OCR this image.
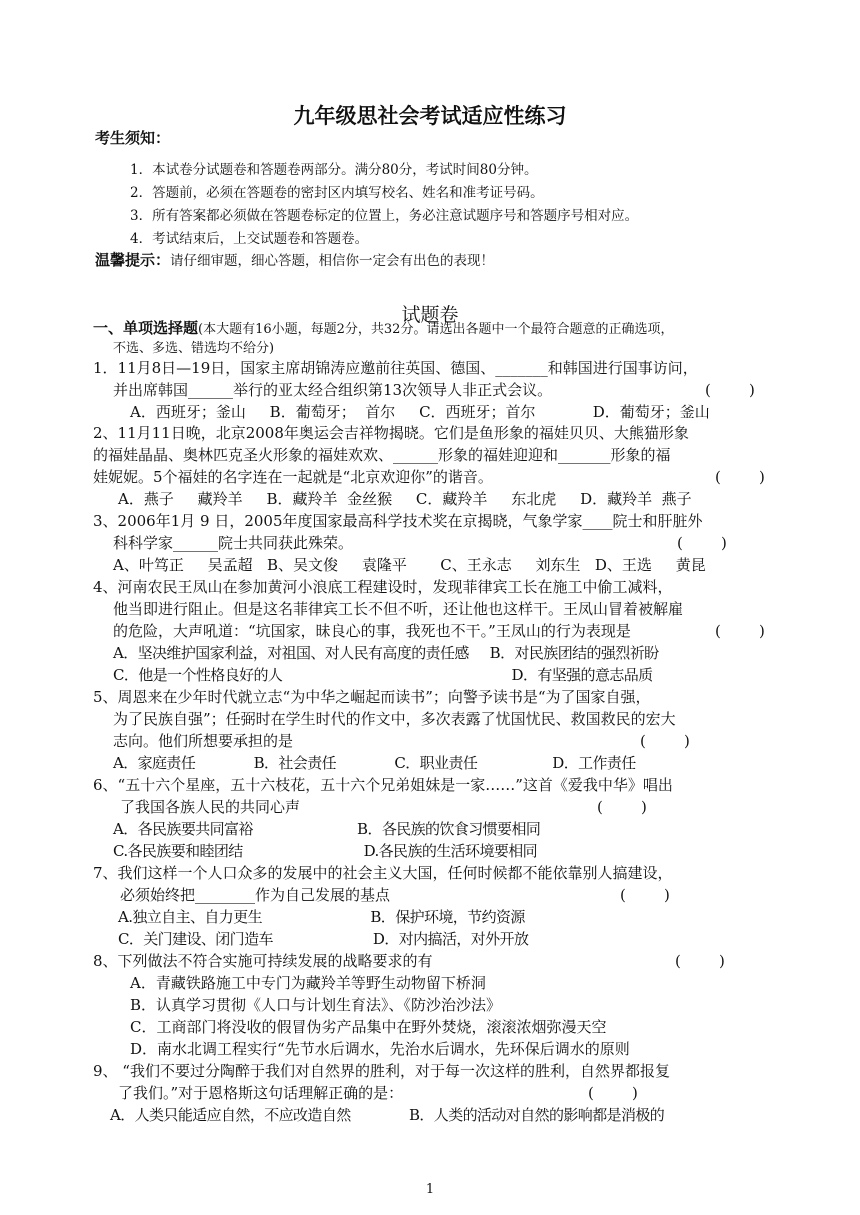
九年级思社会考试适应性练习
考生须知：
1．本试卷分试题卷和答题卷两部分。满分80分，考试时间80分钟。
2．答题前，必须在答题卷的密封区内填写校名、姓名和准考证号码。
3．所有答案都必须做在答题卷标定的位置上，务必注意试题序号和答题序号相对应。
4．考试结束后，上交试题卷和答题卷。
温馨提示：请仔细审题，细心答题，相信你一定会有出色的表现！
试题卷
一、单项选择题(本大题有16小题，每题2分，共32分。请选出各题中一个最符合题意的正确选项，
不选、多选、错选均不给分)
1．11月8日—19日，国家主席胡锦涛应邀前往英国、德国、_______和韩国进行国事访问，
并出席韩国______举行的亚太经合组织第13次领导人非正式会议。	(        )
A．西班牙；釜山     B．葡萄牙；  首尔     C．西班牙；首尔            D．葡萄牙；釜山
2、11月11日晚，北京2008年奥运会吉祥物揭晓。它们是鱼形象的福娃贝贝、大熊猫形象
的福娃晶晶、奥林匹克圣火形象的福娃欢欢、______形象的福娃迎迎和_______形象的福
娃妮妮。5个福娃的名字连在一起就是“北京欢迎你”的谐音。	(        )
A．燕子     藏羚羊     B．藏羚羊  金丝猴     C．藏羚羊     东北虎     D．藏羚羊  燕子
3、2006年1月 9 日，2005年度国家最高科学技术奖在京揭晓，气象学家____院士和肝脏外
科科学家______院士共同获此殊荣。	(        )
A、叶笃正     吴孟超   B、吴文俊     袁隆平       C、王永志     刘东生   D、王选     黄昆
4、河南农民王凤山在参加黄河小浪底工程建设时，发现菲律宾工长在施工中偷工减料，
他当即进行阻止。但是这名菲律宾工长不但不听，还让他也这样干。王凤山冒着被解雇
的危险，大声吼道：“坑国家，昧良心的事，我死也不干。”王凤山的行为表现是	(        )
A．坚决维护国家利益，对祖国、对人民有高度的责任感     B．对民族团结的强烈祈盼
C．他是一个性格良好的人                                                       D．有坚强的意志品质
5、周恩来在少年时代就立志“为中华之崛起而读书”；向警予读书是“为了国家自强，
为了民族自强”；任弼时在学生时代的作文中，多次表露了忧国忧民、救国救民的宏大
志向。他们所想要承担的是	(        )
A．家庭责任              B．社会责任              C．职业责任                  D．工作责任
6、“五十六个星座，五十六枝花，五十六个兄弟姐妹是一家……”这首《爱我中华》唱出
了我国各族人民的共同心声	(        )
A．各民族要共同富裕                         B．各民族的饮食习惯要相同
C.各民族要和睦团结                             D.各民族的生活环境要相同
7、我们这样一个人口众多的发展中的社会主义大国，任何时候都不能依靠别人搞建设，
必须始终把________作为自己发展的基点	(        )
A.独立自主、自力更生                          B．保护环境，节约资源
C．关门建设、闭门造车                        D．对内搞活，对外开放
8、下列做法不符合实施可持续发展的战略要求的有	(        )
A．青藏铁路施工中专门为藏羚羊等野生动物留下桥洞
B．认真学习贯彻《人口与计划生育法》、《防沙治沙法》
C．工商部门将没收的假冒伪劣产品集中在野外焚烧，滚滚浓烟弥漫天空
D．南水北调工程实行“先节水后调水，先治水后调水，先环保后调水的原则
9、 “我们不要过分陶醉于我们对自然界的胜利，对于每一次这样的胜利，自然界都报复
了我们。”对于恩格斯这句话理解正确的是：	(        )
A．人类只能适应自然，不应改造自然              B．人类的活动对自然的影响都是消极的
1
